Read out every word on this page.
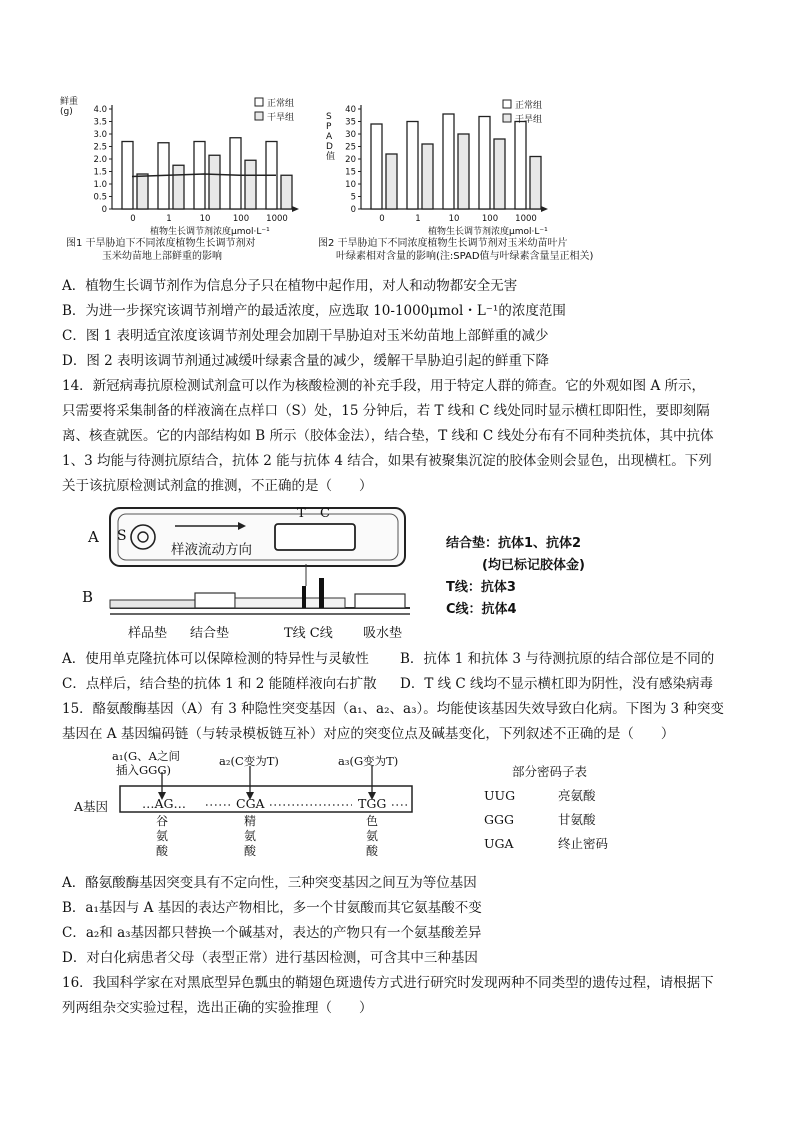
0
0.5
1.0
1.5
2.0
2.5
3.0
3.5
4.0
0	1	10	100 1000
正常组
干旱组
鲜重(g)
植物生长调节剂浓度μmol·L⁻¹
图1 干旱胁迫下不同浓度植物生长调节剂对
玉米幼苗地上部鲜重的影响
0
5
10
15
20
25
30
35
40
0	1	10	100 1000
正常组
干旱组
SPAD值
植物生长调节剂浓度μmol·L⁻¹
图2 干旱胁迫下不同浓度植物生长调节剂对玉米幼苗叶片
叶绿素相对含量的影响(注:SPAD值与叶绿素含量呈正相关)
A．植物生长调节剂作为信息分子只在植物中起作用，对人和动物都安全无害
B．为进一步探究该调节剂增产的最适浓度，应选取 10-1000μmol・L⁻¹的浓度范围
C．图 1 表明适宜浓度该调节剂处理会加剧干旱胁迫对玉米幼苗地上部鲜重的减少
D．图 2 表明该调节剂通过减缓叶绿素含量的减少，缓解干旱胁迫引起的鲜重下降
14．新冠病毒抗原检测试剂盒可以作为核酸检测的补充手段，用于特定人群的筛查。它的外观如图 A 所示，
只需要将采集制备的样液滴在点样口（S）处，15 分钟后，若 T 线和 C 线处同时显示横杠即阳性，要即刻隔
离、核查就医。它的内部结构如 B 所示（胶体金法），结合垫，T 线和 C 线处分布有不同种类抗体，其中抗体
1、3 均能与待测抗原结合，抗体 2 能与抗体 4 结合，如果有被聚集沉淀的胶体金则会显色，出现横杠。下列
关于该抗原检测试剂盒的推测，不正确的是（　　）
A
B
S
样液流动方向
T C
样品垫 结合垫	T线 C线 吸水垫
结合垫：抗体1、抗体2
(均已标记胶体金)
T线：抗体3
C线：抗体4
A．使用单克隆抗体可以保障检测的特异性与灵敏性 B．抗体 1 和抗体 3 与待测抗原的结合部位是不同的
C．点样后，结合垫的抗体 1 和 2 能随样液向右扩散 D．T 线 C 线均不显示横杠即为阴性，没有感染病毒
15．酪氨酸酶基因（A）有 3 种隐性突变基因（a₁、a₂、a₃）。均能使该基因失效导致白化病。下图为 3 种突变
基因在 A 基因编码链（与转录模板链互补）对应的突变位点及碱基变化，下列叙述不正确的是（　　）
a₁(G、A之间
插入GGG)
a₂(C变为T)	a₃(G变为T)
A基因	…AG…	CGA	TGG
谷
氨
酸
精
氨
酸
色
氨
酸
部分密码子表
UUG	亮氨酸
GGG	甘氨酸
UGA	终止密码
A．酪氨酸酶基因突变具有不定向性，三种突变基因之间互为等位基因
B．a₁基因与 A 基因的表达产物相比，多一个甘氨酸而其它氨基酸不变
C．a₂和 a₃基因都只替换一个碱基对，表达的产物只有一个氨基酸差异
D．对白化病患者父母（表型正常）进行基因检测，可含其中三种基因
16．我国科学家在对黑底型异色瓢虫的鞘翅色斑遗传方式进行研究时发现两种不同类型的遗传过程，请根据下
列两组杂交实验过程，选出正确的实验推理（　　）
